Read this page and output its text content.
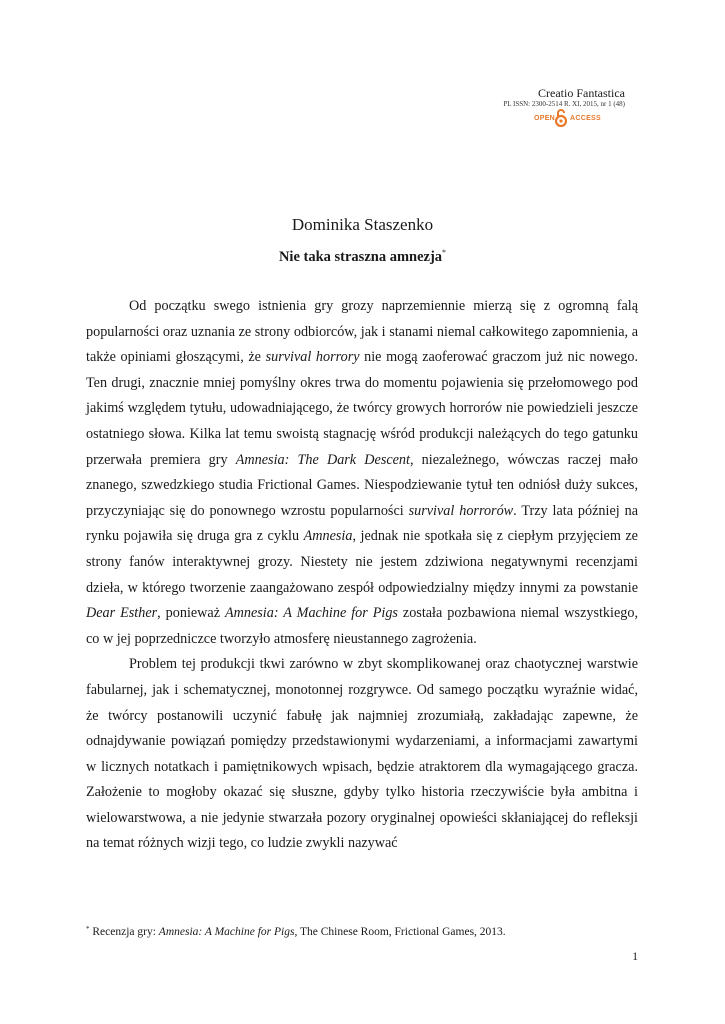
Creatio Fantastica
PL ISSN: 2300-2514 R. XI, 2015, nr 1 (48)
OPEN ACCESS
Dominika Staszenko
Nie taka straszna amnezja*

Od początku swego istnienia gry grozy naprzemiennie mierzą się z ogromną falą popularności oraz uznania ze strony odbiorców, jak i stanami niemal całkowitego zapomnienia, a także opiniami głoszącymi, że survival horrory nie mogą zaoferować graczom już nic nowego. Ten drugi, znacznie mniej pomyślny okres trwa do momentu pojawienia się przełomowego pod jakimś względem tytułu, udowadniającego, że twórcy growych horrorów nie powiedzieli jeszcze ostatniego słowa. Kilka lat temu swoistą stagnację wśród produkcji należących do tego gatunku przerwała premiera gry Amnesia: The Dark Descent, niezależnego, wówczas raczej mało znanego, szwedzkiego studia Frictional Games. Niespodziewanie tytuł ten odniósł duży sukces, przyczyniając się do ponownego wzrostu popularności survival horrorów. Trzy lata później na rynku pojawiła się druga gra z cyklu Amnesia, jednak nie spotkała się z ciepłym przyjęciem ze strony fanów interaktywnej grozy. Niestety nie jestem zdziwiona negatywnymi recenzjami dzieła, w którego tworzenie zaangażowano zespół odpowiedzialny między innymi za powstanie Dear Esther, ponieważ Amnesia: A Machine for Pigs została pozbawiona niemal wszystkiego, co w jej poprzedniczce tworzyło atmosferę nieustannego zagrożenia.

Problem tej produkcji tkwi zarówno w zbyt skomplikowanej oraz chaotycznej warstwie fabularnej, jak i schematycznej, monotonnej rozgrywce. Od samego początku wyraźnie widać, że twórcy postanowili uczynić fabułę jak najmniej zrozumiałą, zakładając zapewne, że odnajdywanie powiązań pomiędzy przedstawionymi wydarzeniami, a informacjami zawartymi w licznych notatkach i pamiętnikowych wpisach, będzie atraktorem dla wymagającego gracza. Założenie to mogłoby okazać się słuszne, gdyby tylko historia rzeczywiście była ambitna i wielowarstwowa, a nie jedynie stwarzała pozory oryginalnej opowieści skłaniającej do refleksji na temat różnych wizji tego, co ludzie zwykli nazywać

* Recenzja gry: Amnesia: A Machine for Pigs, The Chinese Room, Frictional Games, 2013.
1
